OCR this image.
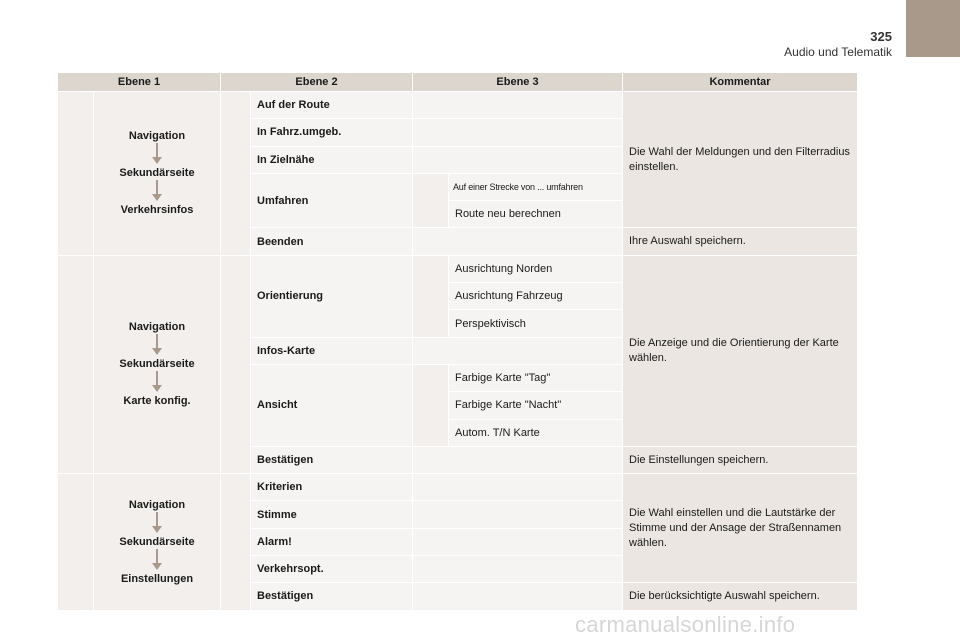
325
Audio und Telematik
Ebene 1		Ebene 2		Ebene 3		Kommentar

	Navigation
Sekundärseite
Verkehrsinfos		Auf der Route			Die Wahl der Meldungen und den Filterradius einstellen.
			In Fahrz.umgeb.			
			In Zielnähe			
			Umfahren		Auf einer Strecke von ... umfahren	
					Route neu berechnen	
			Beenden			Ihre Auswahl speichern.

	Navigation
Sekundärseite
Karte konfig.		Orientierung		Ausrichtung Norden	Die Anzeige und die Orientierung der Karte wählen.
					Ausrichtung Fahrzeug	
					Perspektivisch	
			Infos-Karte			
			Ansicht		Farbige Karte "Tag"	
					Farbige Karte "Nacht"	
					Autom. T/N Karte	
			Bestätigen			Die Einstellungen speichern.

	Navigation
Sekundärseite
Einstellungen		Kriterien			Die Wahl einstellen und die Lautstärke der Stimme und der Ansage der Straßennamen wählen.
			Stimme			
			Alarm!			
			Verkehrsopt.			
			Bestätigen			Die berücksichtigte Auswahl speichern.
carmanualsonline.info
